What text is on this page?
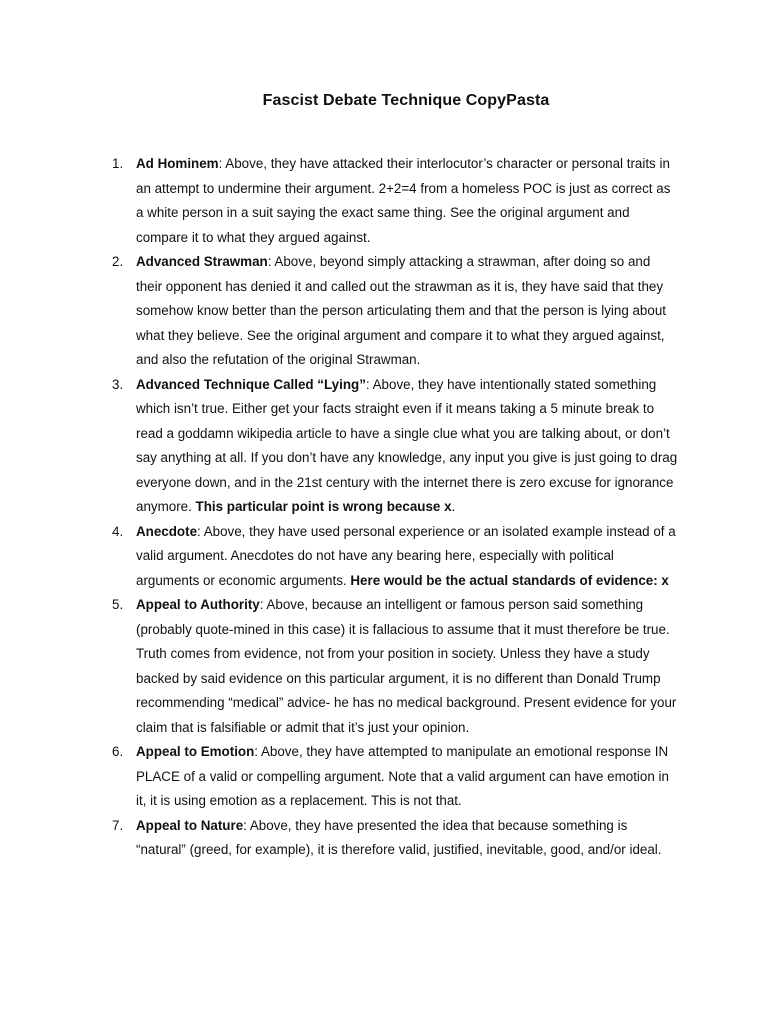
Fascist Debate Technique CopyPasta
1. Ad Hominem: Above, they have attacked their interlocutor’s character or personal traits in an attempt to undermine their argument. 2+2=4 from a homeless POC is just as correct as a white person in a suit saying the exact same thing. See the original argument and compare it to what they argued against.
2. Advanced Strawman: Above, beyond simply attacking a strawman, after doing so and their opponent has denied it and called out the strawman as it is, they have said that they somehow know better than the person articulating them and that the person is lying about what they believe. See the original argument and compare it to what they argued against, and also the refutation of the original Strawman.
3. Advanced Technique Called “Lying”: Above, they have intentionally stated something which isn’t true. Either get your facts straight even if it means taking a 5 minute break to read a goddamn wikipedia article to have a single clue what you are talking about, or don’t say anything at all. If you don’t have any knowledge, any input you give is just going to drag everyone down, and in the 21st century with the internet there is zero excuse for ignorance anymore. This particular point is wrong because x.
4. Anecdote: Above, they have used personal experience or an isolated example instead of a valid argument. Anecdotes do not have any bearing here, especially with political arguments or economic arguments. Here would be the actual standards of evidence: x
5. Appeal to Authority: Above, because an intelligent or famous person said something (probably quote-mined in this case) it is fallacious to assume that it must therefore be true. Truth comes from evidence, not from your position in society. Unless they have a study backed by said evidence on this particular argument, it is no different than Donald Trump recommending “medical” advice- he has no medical background. Present evidence for your claim that is falsifiable or admit that it’s just your opinion.
6. Appeal to Emotion: Above, they have attempted to manipulate an emotional response IN PLACE of a valid or compelling argument. Note that a valid argument can have emotion in it, it is using emotion as a replacement. This is not that.
7. Appeal to Nature: Above, they have presented the idea that because something is “natural” (greed, for example), it is therefore valid, justified, inevitable, good, and/or ideal.
